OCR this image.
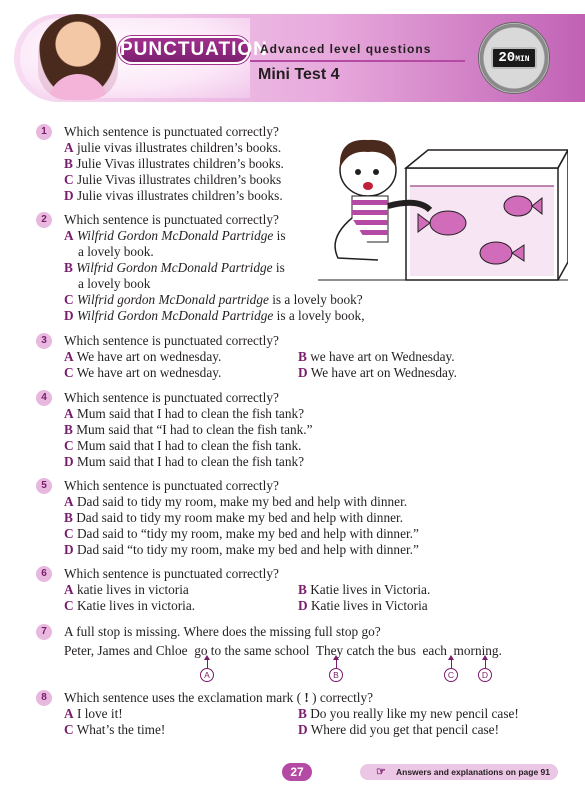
PUNCTUATION
Advanced level questions
Mini Test 4
20MIN
1	Which sentence is punctuated correctly?
A julie vivas illustrates children’s books.
B Julie Vivas illustrates children’s books.
C Julie Vivas illustrates children’s books
D Julie vivas illustrates children’s books.
2	Which sentence is punctuated correctly?
A Wilfrid Gordon McDonald Partridge is
a lovely book.
B Wilfrid Gordon McDonald Partridge is
a lovely book
C Wilfrid gordon McDonald partridge is a lovely book?
D Wilfrid Gordon McDonald Partridge is a lovely book,
3	Which sentence is punctuated correctly?
A We have art on wednesday.	B we have art on Wednesday.
C We have art on wednesday.	D We have art on Wednesday.
4	Which sentence is punctuated correctly?
A Mum said that I had to clean the fish tank?
B Mum said that “I had to clean the fish tank.”
C Mum said that I had to clean the fish tank.
D Mum said that I had to clean the fish tank?
5	Which sentence is punctuated correctly?
A Dad said to tidy my room, make my bed and help with dinner.
B Dad said to tidy my room make my bed and help with dinner.
C Dad said to “tidy my room, make my bed and help with dinner.”
D Dad said “to tidy my room, make my bed and help with dinner.”
6	Which sentence is punctuated correctly?
A katie lives in victoria	B Katie lives in Victoria.
C Katie lives in victoria.	D Katie lives in Victoria
7	A full stop is missing. Where does the missing full stop go?
Peter, James and Chloe  go to the same school  They catch the bus  each  morning.
A	B	C	D
8	Which sentence uses the exclamation mark ( ! ) correctly?
A I love it!	B Do you really like my new pencil case!
C What’s the time!	D Where did you get that pencil case!
27	☞ Answers and explanations on page 91
